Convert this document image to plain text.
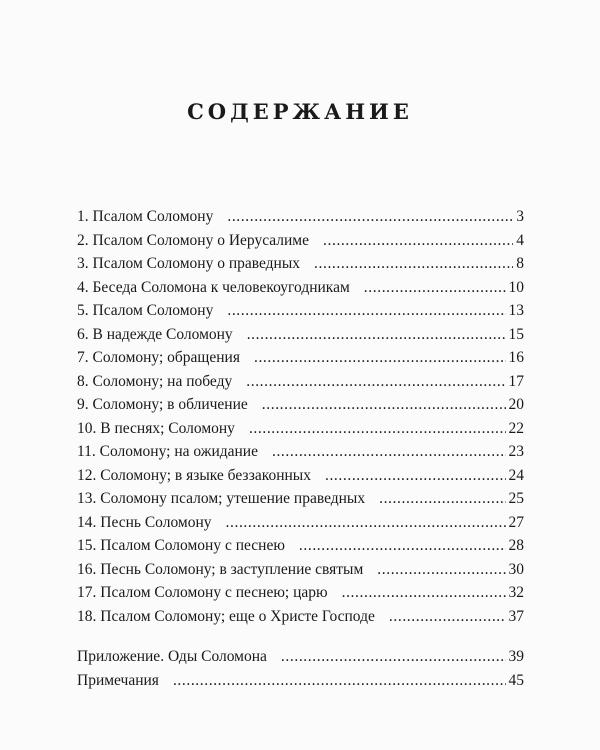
СОДЕРЖАНИЕ
1. Псалом Соломону .....	3
2. Псалом Соломону о Иерусалиме .....	4
3. Псалом Соломону о праведных .....	8
4. Беседа Соломона к человекоугодникам .....	10
5. Псалом Соломону .....	13
6. В надежде Соломону .....	15
7. Соломону; обращения .....	16
8. Соломону; на победу .....	17
9. Соломону; в обличение .....	20
10. В песнях; Соломону .....	22
11. Соломону; на ожидание .....	23
12. Соломону; в языке беззаконных .....	24
13. Соломону псалом; утешение праведных .....	25
14. Песнь Соломону .....	27
15. Псалом Соломону с песнею .....	28
16. Песнь Соломону; в заступление святым .....	30
17. Псалом Соломону с песнею; царю .....	32
18. Псалом Соломону; еще о Христе Господе .....	37
Приложение. Оды Соломона .....	39
Примечания .....	45
